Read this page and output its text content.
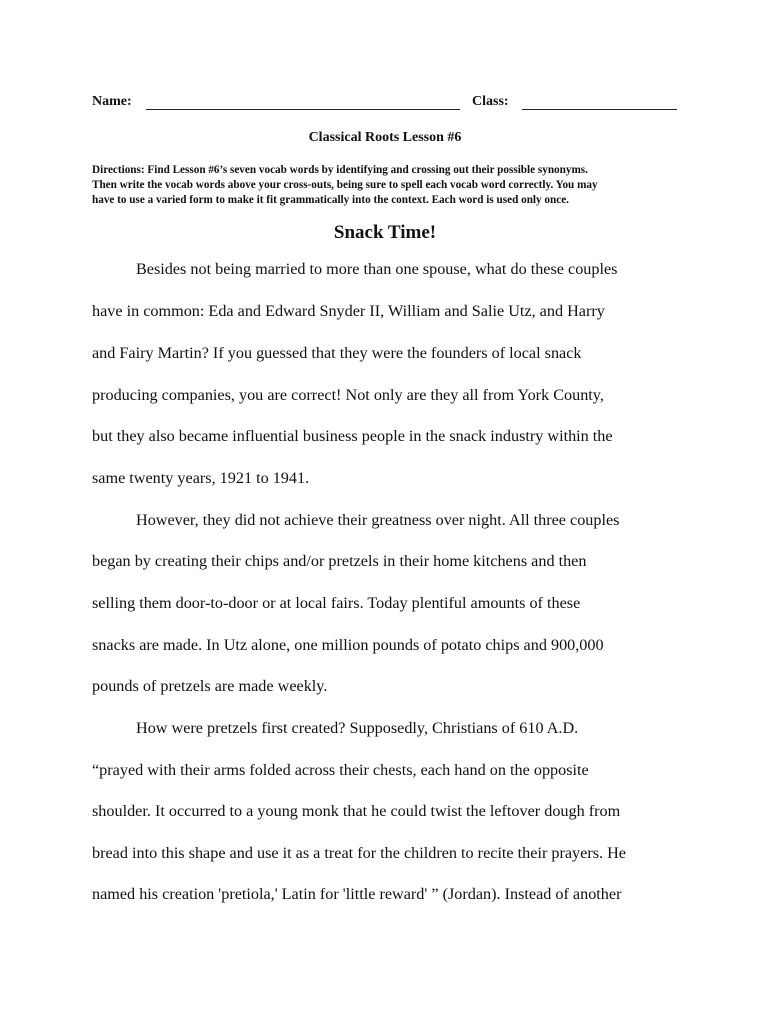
Name:	Class:
Classical Roots Lesson #6
Directions: Find Lesson #6’s seven vocab words by identifying and crossing out their possible synonyms.
Then write the vocab words above your cross-outs, being sure to spell each vocab word correctly. You may
have to use a varied form to make it fit grammatically into the context. Each word is used only once.
Snack Time!
Besides not being married to more than one spouse, what do these couples
have in common: Eda and Edward Snyder II, William and Salie Utz, and Harry
and Fairy Martin? If you guessed that they were the founders of local snack
producing companies, you are correct! Not only are they all from York County,
but they also became influential business people in the snack industry within the
same twenty years, 1921 to 1941.
However, they did not achieve their greatness over night. All three couples
began by creating their chips and/or pretzels in their home kitchens and then
selling them door-to-door or at local fairs. Today plentiful amounts of these
snacks are made. In Utz alone, one million pounds of potato chips and 900,000
pounds of pretzels are made weekly.
How were pretzels first created? Supposedly, Christians of 610 A.D.
“prayed with their arms folded across their chests, each hand on the opposite
shoulder. It occurred to a young monk that he could twist the leftover dough from
bread into this shape and use it as a treat for the children to recite their prayers. He
named his creation 'pretiola,' Latin for 'little reward' ” (Jordan). Instead of another
